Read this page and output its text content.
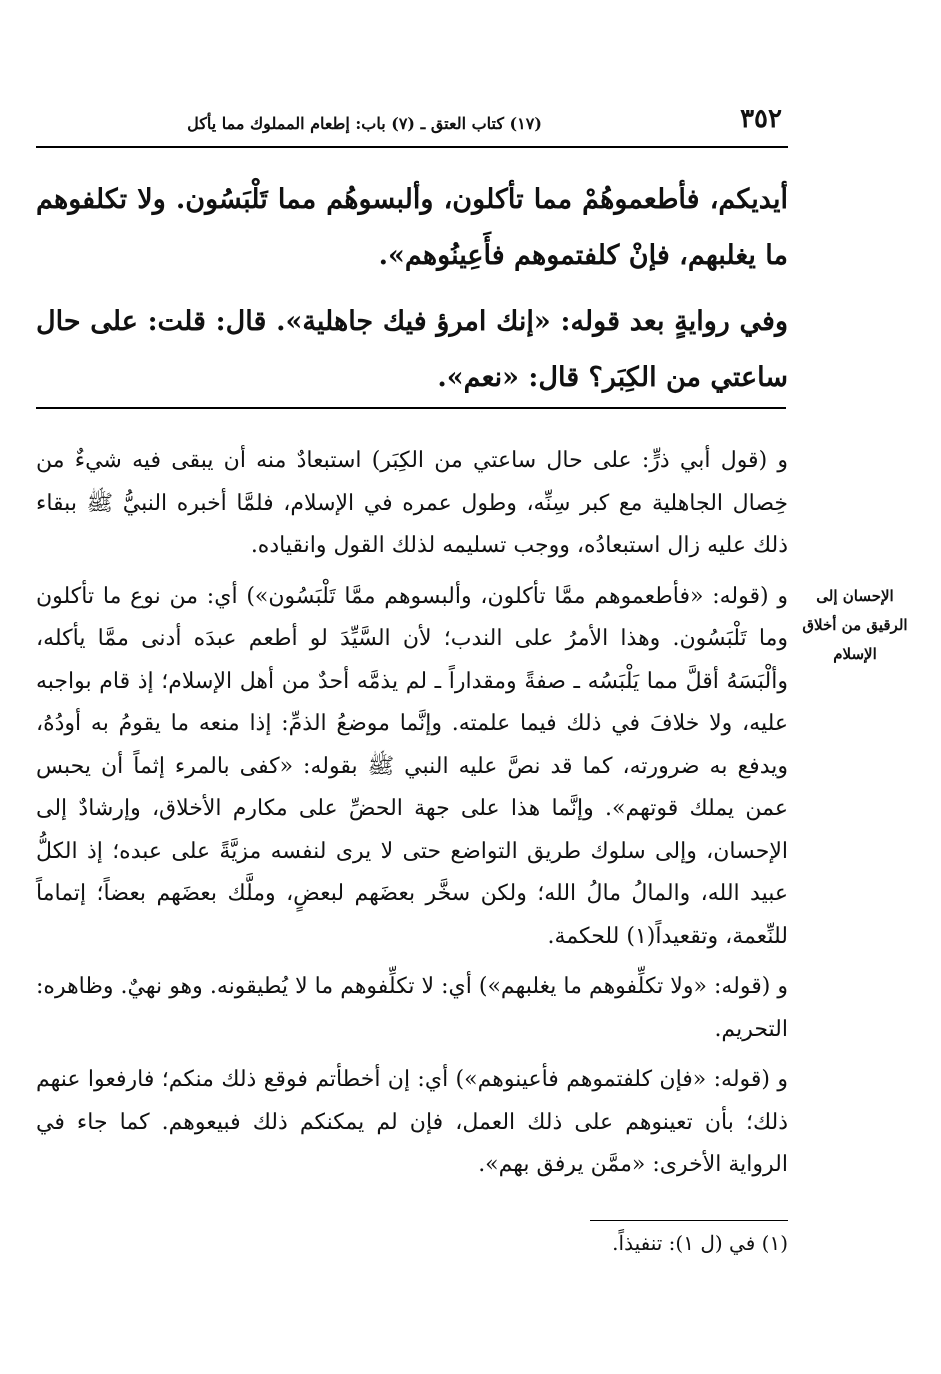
٣٥٢
(١٧) كتاب العتق ـ (٧) باب: إطعام المملوك مما يأكل

أيديكم، فأطعموهُمْ مما تأكلون، وألبسوهُم مما تَلْبَسُون. ولا تكلفوهم ما يغلبهم، فإنْ كلفتموهم فأَعِينُوهم».

وفي روايةٍ بعد قوله: «إنك امرؤ فيك جاهلية». قال: قلت: على حال ساعتي من الكِبَر؟ قال: «نعم».

و (قول أبي ذرٍّ: على حال ساعتي من الكِبَر) استبعادٌ منه أن يبقى فيه شيءٌ من خِصال الجاهلية مع كبر سِنِّه، وطول عمره في الإسلام، فلمَّا أخبره النبيُّ ﷺ ببقاء ذلك عليه زال استبعادُه، ووجب تسليمه لذلك القول وانقياده.

و (قوله: «فأطعموهم ممَّا تأكلون، وألبسوهم ممَّا تَلْبَسُون») أي: من نوع ما تأكلون وما تَلْبَسُون. وهذا الأمرُ على الندب؛ لأن السَّيِّدَ لو أطعم عبدَه أدنى ممَّا يأكله، وألْبَسَهُ أقلَّ مما يَلْبَسُه ـ صفةً ومقداراً ـ لم يذمَّه أحدٌ من أهل الإسلام؛ إذ قام بواجبه عليه، ولا خلافَ في ذلك فيما علمته. وإنَّما موضعُ الذمِّ: إذا منعه ما يقومُ به أودُهُ، ويدفع به ضرورته، كما قد نصَّ عليه النبي ﷺ بقوله: «كفى بالمرء إثماً أن يحبس عمن يملك قوتهم». وإنَّما هذا على جهة الحضِّ على مكارم الأخلاق، وإرشادٌ إلى الإحسان، وإلى سلوك طريق التواضع حتى لا يرى لنفسه مزيَّةً على عبده؛ إذ الكلُّ عبيد الله، والمالُ مالُ الله؛ ولكن سخَّر بعضَهم لبعضٍ، وملَّك بعضَهم بعضاً؛ إتماماً للنِّعمة، وتقعيداً(١) للحكمة.

و (قوله: «ولا تكلِّفوهم ما يغلبهم») أي: لا تكلِّفوهم ما لا يُطيقونه. وهو نهيٌ. وظاهره: التحريم.

و (قوله: «فإن كلفتموهم فأعينوهم») أي: إن أخطأتم فوقع ذلك منكم؛ فارفعوا عنهم ذلك؛ بأن تعينوهم على ذلك العمل، فإن لم يمكنكم ذلك فبيعوهم. كما جاء في الرواية الأخرى: «ممَّن يرفق بهم».

الإحسان إلى الرقيق من أخلاق الإسلام
(١) في (ل ١): تنفيذاً.
